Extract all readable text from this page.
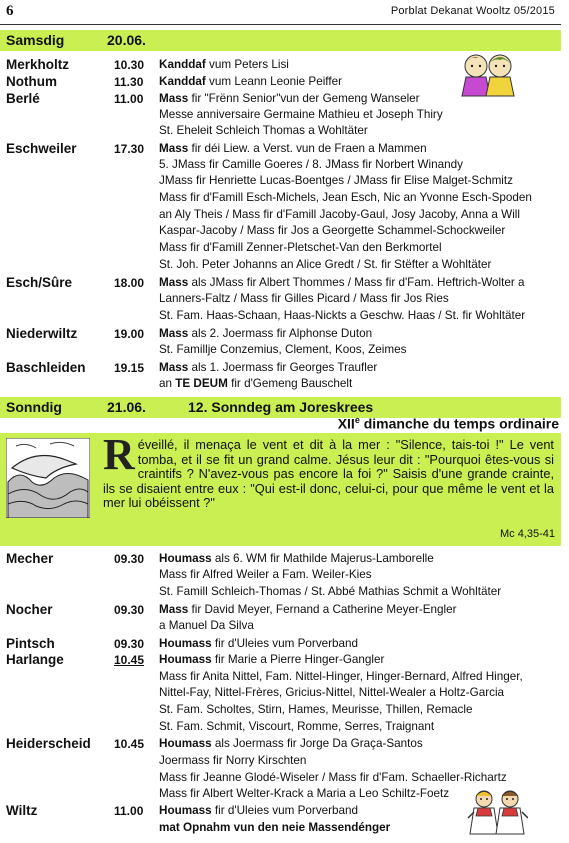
6	Porblat Dekanat Wooltz 05/2015
Samsdig	20.06.
Merkholtz	10.30 Kanddaf vum Peters Lisi
Nothum	11.30 Kanddaf vum Leann Leonie Peiffer
Berlé	11.00 Mass fir "Frënn Senior"vun der Gemeng Wanseler
Messe anniversaire Germaine Mathieu et Joseph Thiry
St. Eheleit Schleich Thomas a Wohltäter
Eschweiler	17.30 Mass fir déi Liew. a Verst. vun de Fraen a Mammen
5. JMass fir Camille Goeres / 8. JMass fir Norbert Winandy
JMass fir Henriette Lucas-Boentges / JMass fir Elise Malget-Schmitz
Mass fir d'Famill Esch-Michels, Jean Esch, Nic an Yvonne Esch-Spoden
an Aly Theis / Mass fir d'Famill Jacoby-Gaul, Josy Jacoby, Anna a Will
Kaspar-Jacoby / Mass fir Jos a Georgette Schammel-Schockweiler
Mass fir d'Famill Zenner-Pletschet-Van den Berkmortel
St. Joh. Peter Johanns an Alice Gredt / St. fir Stëfter a Wohltäter
Esch/Sûre	18.00 Mass als JMass fir Albert Thommes / Mass fir d'Fam. Heftrich-Wolter a
Lanners-Faltz / Mass fir Gilles Picard / Mass fir Jos Ries
St. Fam. Haas-Schaan, Haas-Nickts a Geschw. Haas / St. fir Wohltäter
Niederwiltz	19.00 Mass als 2. Joermass fir Alphonse Duton
St. Famillje Conzemius, Clement, Koos, Zeimes
Baschleiden 19.15 Mass als 1. Joermass fir Georges Traufler
an TE DEUM fir d'Gemeng Bauschelt
Sonndig	21.06.	12. Sonndeg am Joreskrees
XIIe dimanche du temps ordinaire
Réveillé, il menaça le vent et dit à la mer : "Silence, tais-toi !" Le vent tomba, et il se fit un grand calme. Jésus leur dit : "Pourquoi êtes-vous si craintifs ? N'avez-vous pas encore la foi ?" Saisis d'une grande crainte, ils se disaient entre eux : "Qui est-il donc, celui-ci, pour que même le vent et la mer lui obéissent ?"
Mc 4,35-41
Mecher	09.30 Houmass als 6. WM fir Mathilde Majerus-Lamborelle
Mass fir Alfred Weiler a Fam. Weiler-Kies
St. Famill Schleich-Thomas / St. Abbé Mathias Schmit a Wohltäter
Nocher	09.30 Mass fir David Meyer, Fernand a Catherine Meyer-Engler
a Manuel Da Silva
Pintsch	09.30 Houmass fir d'Uleies vum Porverband
Harlange	10.45 Houmass fir Marie a Pierre Hinger-Gangler
Mass fir Anita Nittel, Fam. Nittel-Hinger, Hinger-Bernard, Alfred Hinger,
Nittel-Fay, Nittel-Frères, Gricius-Nittel, Nittel-Wealer a Holtz-Garcia
St. Fam. Scholtes, Stirn, Hames, Meurisse, Thillen, Remacle
St. Fam. Schmit, Viscourt, Romme, Serres, Traignant
Heiderscheid 10.45 Houmass als Joermass fir Jorge Da Graça-Santos
Joermass fir Norry Kirschten
Mass fir Jeanne Glodé-Wiseler / Mass fir d'Fam. Schaeller-Richartz
Mass fir Albert Welter-Krack a Maria a Leo Schiltz-Foetz
Wiltz	11.00 Houmass fir d'Uleies vum Porverband
mat Opnahm vun den neie Massendénger
